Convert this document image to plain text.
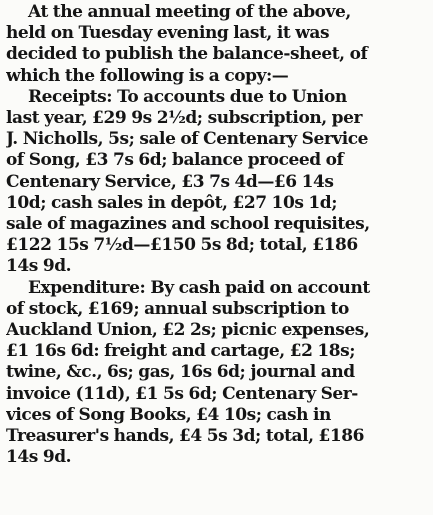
At the annual meeting of the above,
held on Tuesday evening last, it was
decided to publish the balance-sheet, of
which the following is a copy:—

Receipts: To accounts due to Union
last year, £29 9s 2½d; subscription, per
J. Nicholls, 5s; sale of Centenary Service
of Song, £3 7s 6d; balance proceed of
Centenary Service, £3 7s 4d—£6 14s
10d; cash sales in depôt, £27 10s 1d;
sale of magazines and school requisites,
£122 15s 7½d—£150 5s 8d; total, £186
14s 9d.

Expenditure: By cash paid on account
of stock, £169; annual subscription to
Auckland Union, £2 2s; picnic expenses,
£1 16s 6d: freight and cartage, £2 18s;
twine, &c., 6s; gas, 16s 6d; journal and
invoice (11d), £1 5s 6d; Centenary Ser-
vices of Song Books, £4 10s; cash in
Treasurer's hands, £4 5s 3d; total, £186
14s 9d.
